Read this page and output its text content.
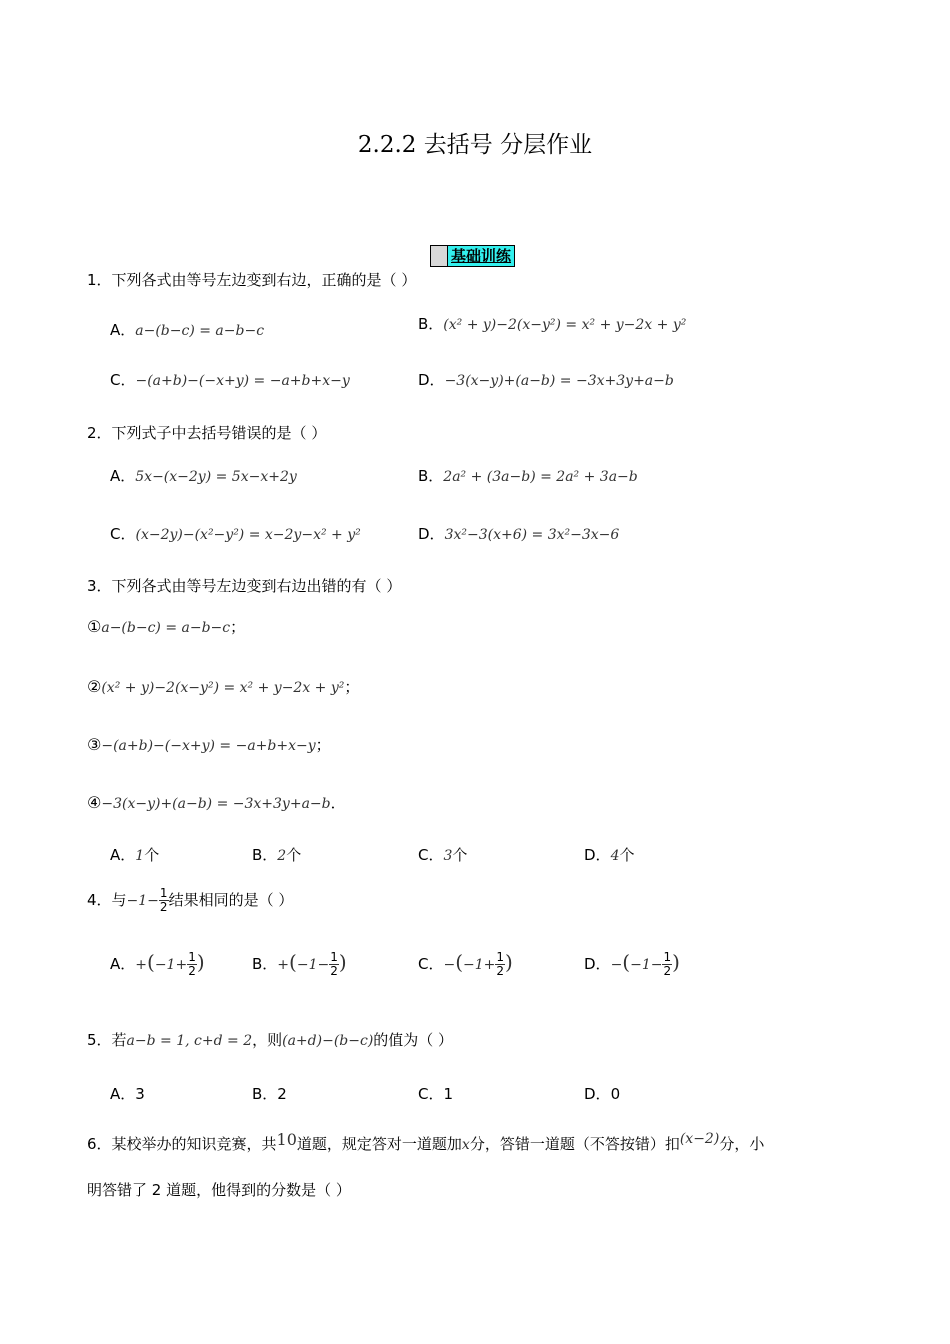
2.2.2 去括号 分层作业
基础训练
1．下列各式由等号左边变到右边，正确的是（ ）
A．a−(b−c) = a−b−c	B．(x² + y)−2(x−y²) = x² + y−2x + y²
C．−(a+b)−(−x+y) = −a+b+x−y	D．−3(x−y)+(a−b) = −3x+3y+a−b
2．下列式子中去括号错误的是（ ）
A．5x−(x−2y) = 5x−x+2y	B．2a² + (3a−b) = 2a² + 3a−b
C．(x−2y)−(x²−y²) = x−2y−x² + y²	D．3x²−3(x+6) = 3x²−3x−6
3．下列各式由等号左边变到右边出错的有（ ）
①a−(b−c) = a−b−c；
②(x² + y)−2(x−y²) = x² + y−2x + y²；
③−(a+b)−(−x+y) = −a+b+x−y；
④−3(x−y)+(a−b) = −3x+3y+a−b．
A．1个	B．2个	C．3个	D．4个
4．与$-1- \frac{1}{2}$ 结果相同的是（ ）
A．$+(-1+ \frac{1}{2}$ )	B．$+(-1- \frac{1}{2}$ )	C．$-(-1+ \frac{1}{2}$ )	D．$-(-1- \frac{1}{2}$ )
5．若a−b = 1, c+d = 2，则(a+d)−(b−c)的值为（ ）
A．3	B．2	C．1	D．0
6．某校举办的知识竞赛，共10道题，规定答对一道题加x分，答错一道题（不答按错）扣(x−2)分，小
明答错了 2 道题，他得到的分数是（ ）
